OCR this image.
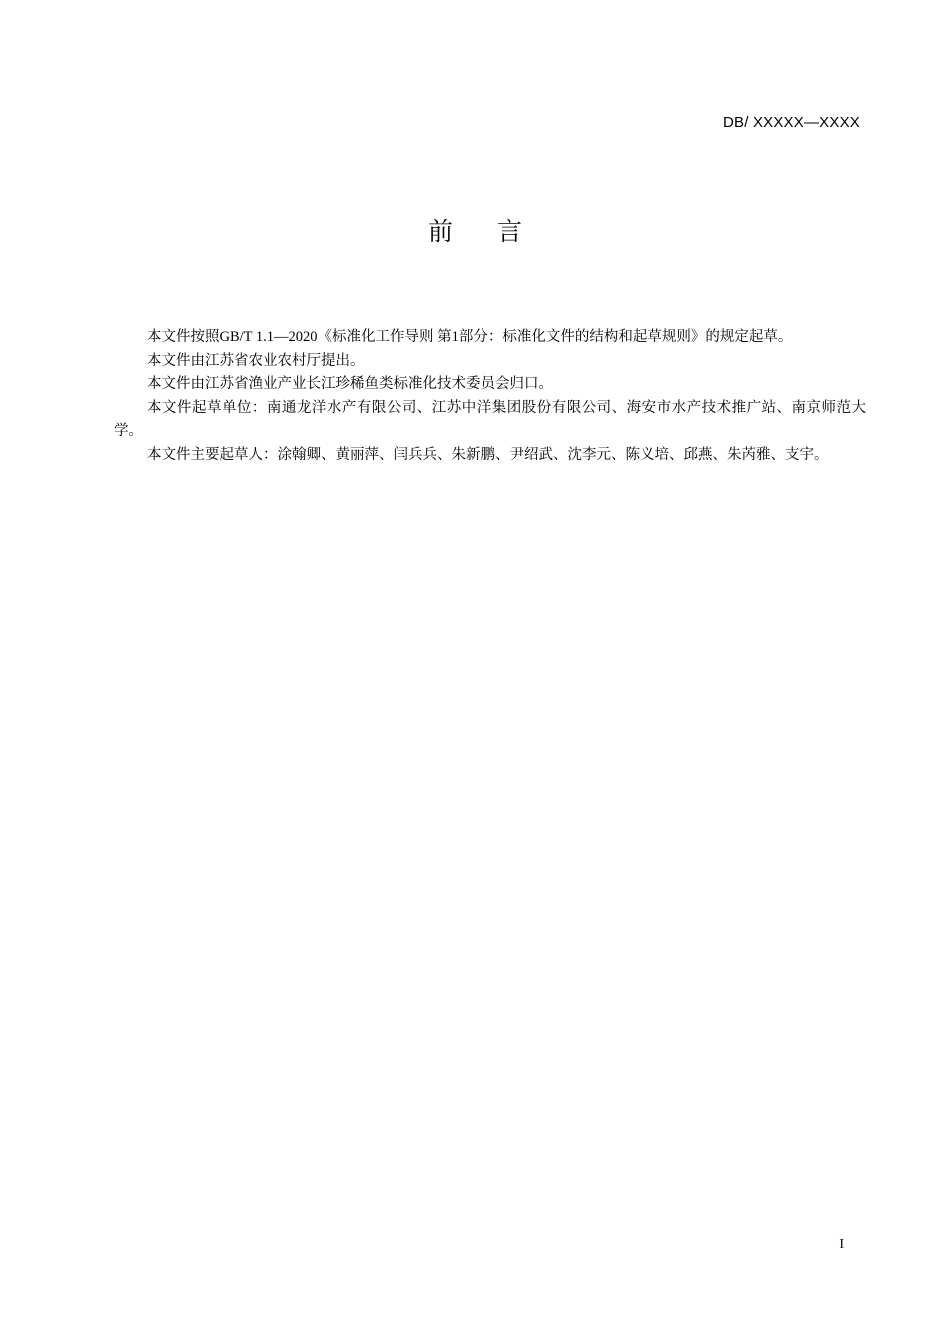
DB/ XXXXX—XXXX
前言

本文件按照GB/T 1.1—2020《标准化工作导则 第1部分：标准化文件的结构和起草规则》的规定起草。

本文件由江苏省农业农村厅提出。

本文件由江苏省渔业产业长江珍稀鱼类标准化技术委员会归口。

本文件起草单位：南通龙洋水产有限公司、江苏中洋集团股份有限公司、海安市水产技术推广站、南京师范大学。

本文件主要起草人：涂翰卿、黄丽萍、闫兵兵、朱新鹏、尹绍武、沈李元、陈义培、邱燕、朱芮雅、支宇。

I
